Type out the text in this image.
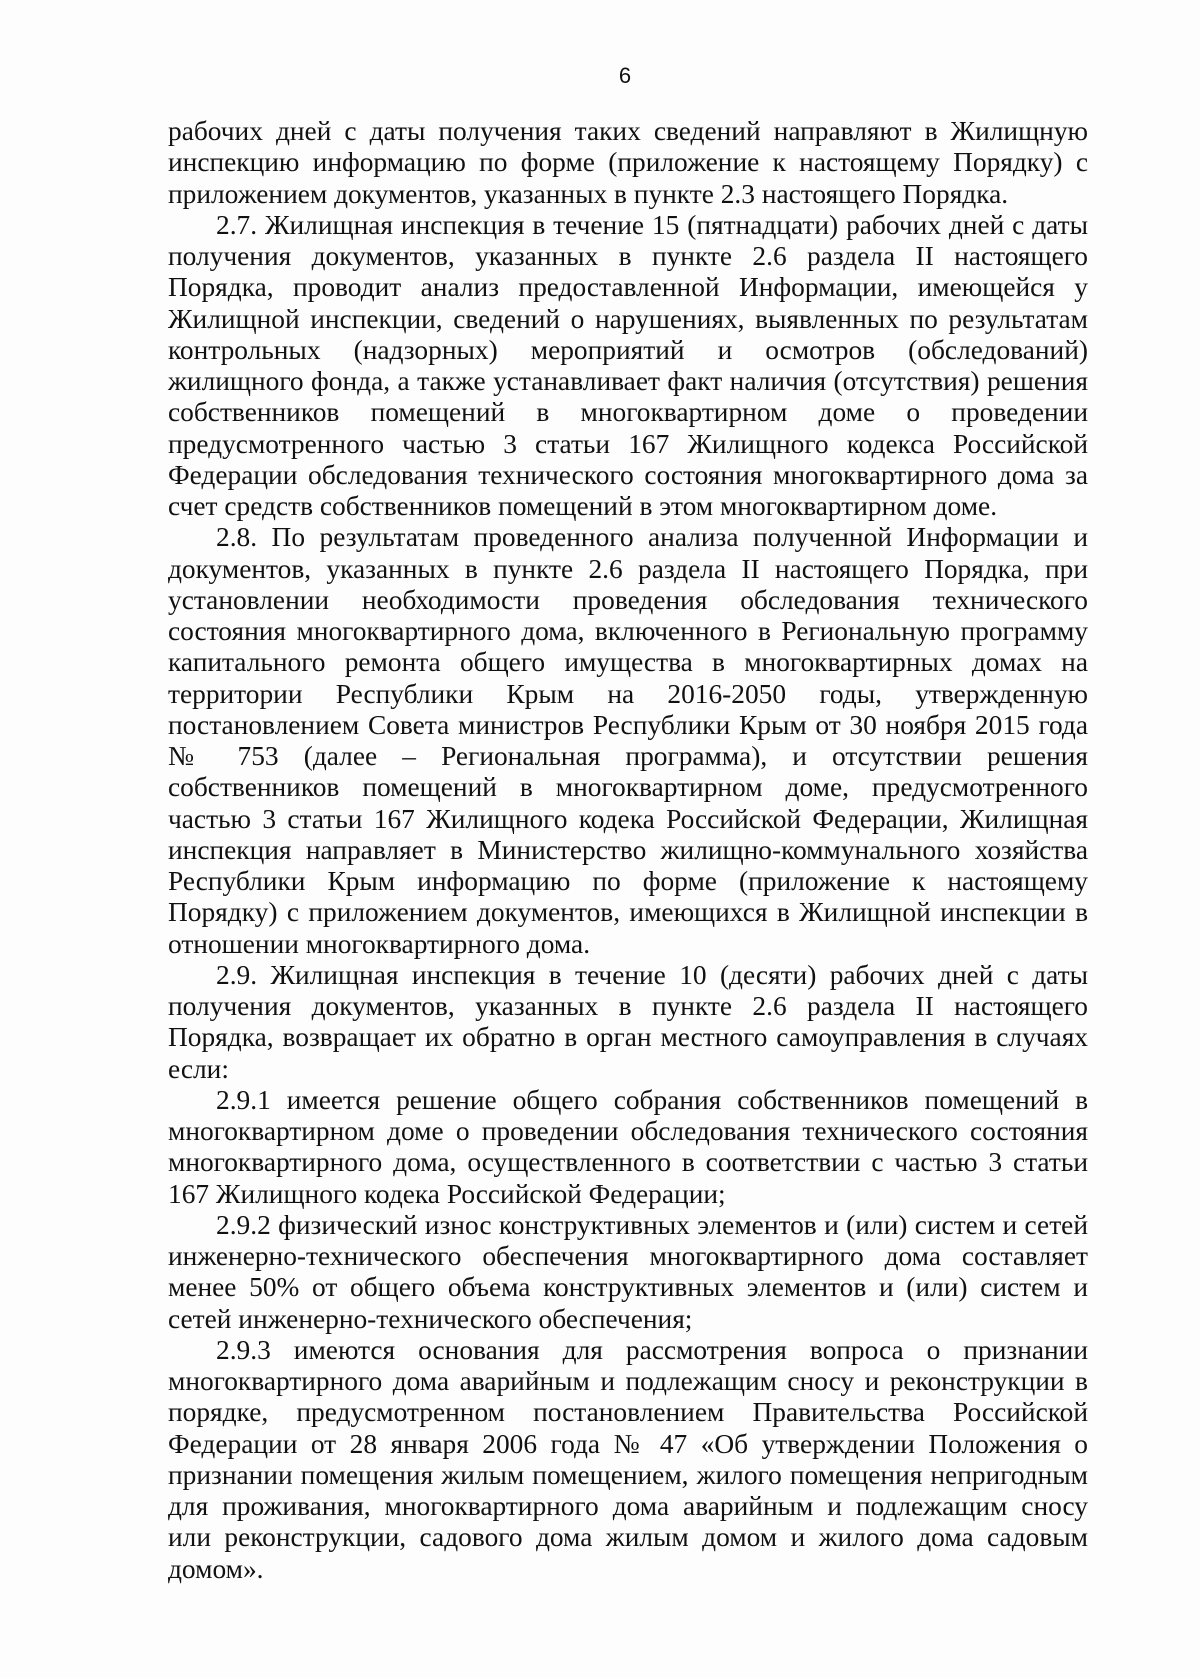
6

рабочих дней с даты получения таких сведений направляют в Жилищную инспекцию информацию по форме (приложение к настоящему Порядку) с приложением документов, указанных в пункте 2.3 настоящего Порядка.

2.7. Жилищная инспекция в течение 15 (пятнадцати) рабочих дней с даты получения документов, указанных в пункте 2.6 раздела II настоящего Порядка, проводит анализ предоставленной Информации, имеющейся у Жилищной инспекции, сведений о нарушениях, выявленных по результатам контрольных (надзорных) мероприятий и осмотров (обследований) жилищного фонда, а также устанавливает факт наличия (отсутствия) решения собственников помещений в многоквартирном доме о проведении предусмотренного частью 3 статьи 167 Жилищного кодекса Российской Федерации обследования технического состояния многоквартирного дома за счет средств собственников помещений в этом многоквартирном доме.

2.8. По результатам проведенного анализа полученной Информации и документов, указанных в пункте 2.6 раздела II настоящего Порядка, при установлении необходимости проведения обследования технического состояния многоквартирного дома, включенного в Региональную программу капитального ремонта общего имущества в многоквартирных домах на территории Республики Крым на 2016-2050 годы, утвержденную постановлением Совета министров Республики Крым от 30 ноября 2015 года № 753 (далее – Региональная программа), и отсутствии решения собственников помещений в многоквартирном доме, предусмотренного частью 3 статьи 167 Жилищного кодека Российской Федерации, Жилищная инспекция направляет в Министерство жилищно-коммунального хозяйства Республики Крым информацию по форме (приложение к настоящему Порядку) с приложением документов, имеющихся в Жилищной инспекции в отношении многоквартирного дома.

2.9. Жилищная инспекция в течение 10 (десяти) рабочих дней с даты получения документов, указанных в пункте 2.6 раздела II настоящего Порядка, возвращает их обратно в орган местного самоуправления в случаях если:

2.9.1 имеется решение общего собрания собственников помещений в многоквартирном доме о проведении обследования технического состояния многоквартирного дома, осуществленного в соответствии с частью 3 статьи 167 Жилищного кодека Российской Федерации;

2.9.2 физический износ конструктивных элементов и (или) систем и сетей инженерно-технического обеспечения многоквартирного дома составляет менее 50% от общего объема конструктивных элементов и (или) систем и сетей инженерно-технического обеспечения;

2.9.3 имеются основания для рассмотрения вопроса о признании многоквартирного дома аварийным и подлежащим сносу и реконструкции в порядке, предусмотренном постановлением Правительства Российской Федерации от 28 января 2006 года № 47 «Об утверждении Положения о признании помещения жилым помещением, жилого помещения непригодным для проживания, многоквартирного дома аварийным и подлежащим сносу или реконструкции, садового дома жилым домом и жилого дома садовым домом».
